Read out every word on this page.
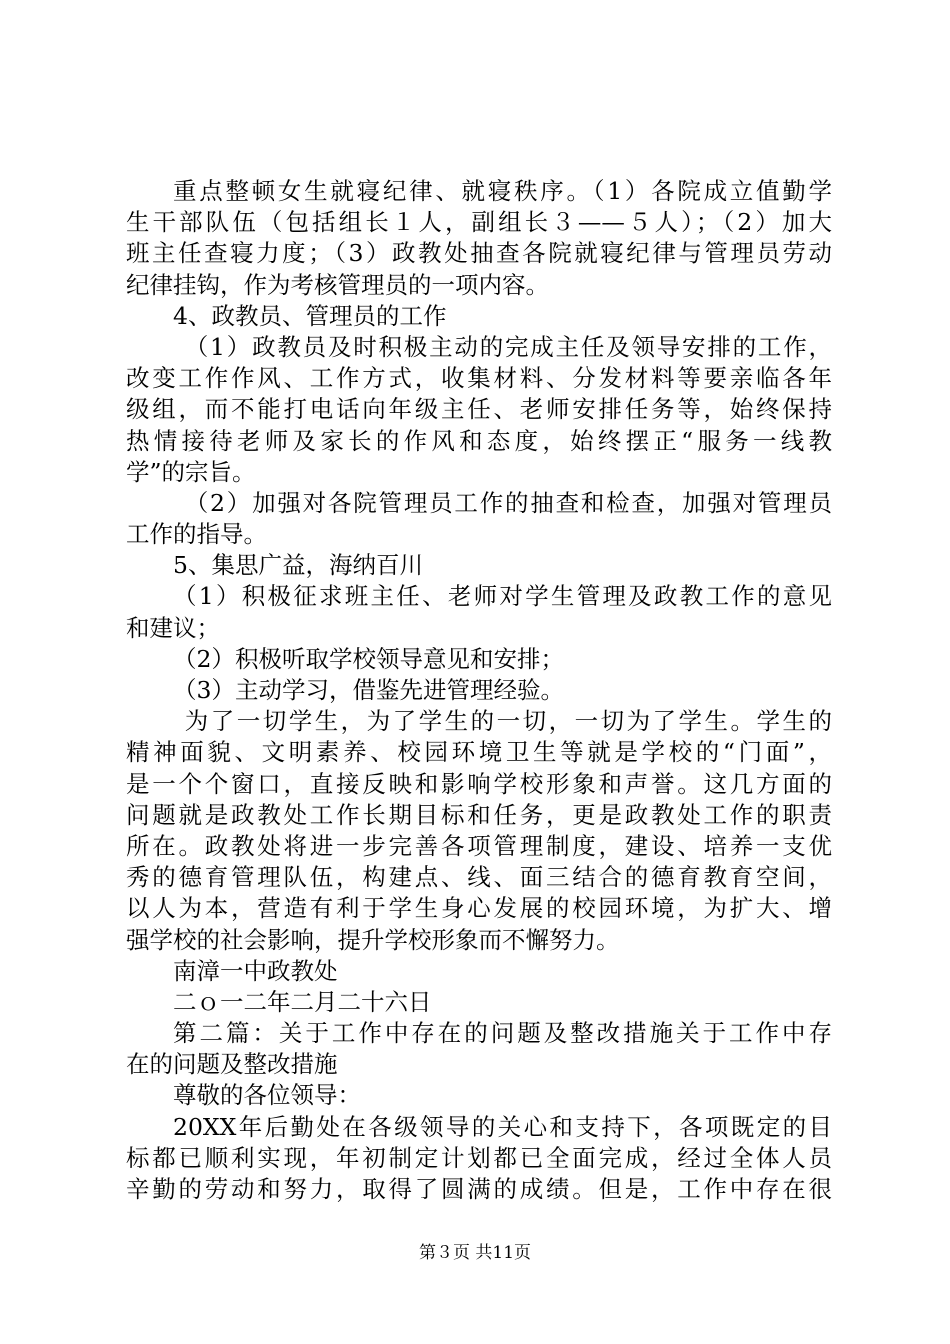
重点整顿女生就寝纪律、就寝秩序。（1）各院成立值勤学
生干部队伍（包括组长１人，副组长３——５人）；（2）加大
班主任查寝力度；（3）政教处抽查各院就寝纪律与管理员劳动
纪律挂钩，作为考核管理员的一项内容。
4、政教员、管理员的工作
（1）政教员及时积极主动的完成主任及领导安排的工作，
改变工作作风、工作方式，收集材料、分发材料等要亲临各年
级组，而不能打电话向年级主任、老师安排任务等，始终保持
热情接待老师及家长的作风和态度，始终摆正“服务一线教
学”的宗旨。
（2）加强对各院管理员工作的抽查和检查，加强对管理员
工作的指导。
5、集思广益，海纳百川
（1）积极征求班主任、老师对学生管理及政教工作的意见
和建议；
（2）积极听取学校领导意见和安排；
（3）主动学习，借鉴先进管理经验。
为了一切学生，为了学生的一切，一切为了学生。学生的
精神面貌、文明素养、校园环境卫生等就是学校的“门面”，
是一个个窗口，直接反映和影响学校形象和声誉。这几方面的
问题就是政教处工作长期目标和任务，更是政教处工作的职责
所在。政教处将进一步完善各项管理制度，建设、培养一支优
秀的德育管理队伍，构建点、线、面三结合的德育教育空间，
以人为本，营造有利于学生身心发展的校园环境，为扩大、增
强学校的社会影响，提升学校形象而不懈努力。
南漳一中政教处
二ｏ一二年二月二十六日
第二篇：关于工作中存在的问题及整改措施关于工作中存
在的问题及整改措施
尊敬的各位领导：
20XX年后勤处在各级领导的关心和支持下，各项既定的目
标都已顺利实现，年初制定计划都已全面完成，经过全体人员
辛勤的劳动和努力，取得了圆满的成绩。但是，工作中存在很
第３页 共11页
